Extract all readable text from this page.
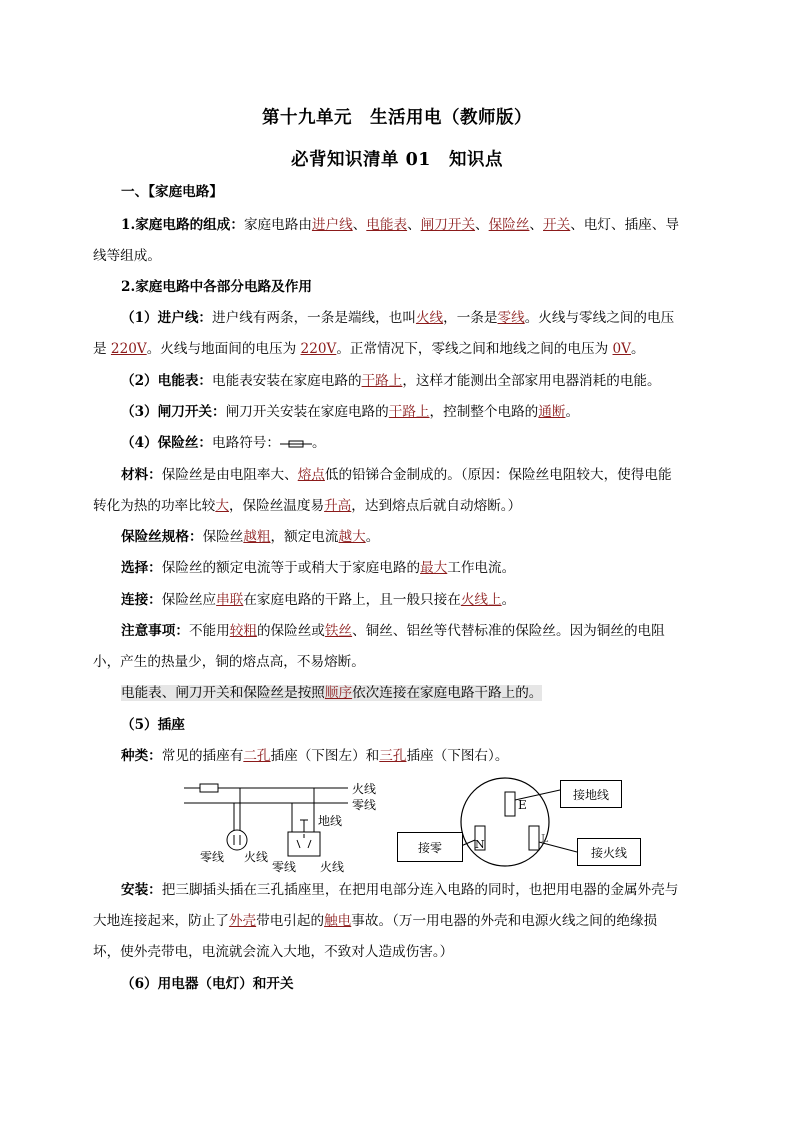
第十九单元　生活用电（教师版）
必背知识清单 01　知识点
一、【家庭电路】
1.家庭电路的组成：家庭电路由进户线、电能表、闸刀开关、保险丝、开关、电灯、插座、导
线等组成。
2.家庭电路中各部分电路及作用
（1）进户线：进户线有两条，一条是端线，也叫火线，一条是零线。火线与零线之间的电压
是 220V。火线与地面间的电压为 220V。正常情况下，零线之间和地线之间的电压为 0V。
（2）电能表：电能表安装在家庭电路的干路上，这样才能测出全部家用电器消耗的电能。
（3）闸刀开关：闸刀开关安装在家庭电路的干路上，控制整个电路的通断。
（4）保险丝：电路符号： 。
材料：保险丝是由电阻率大、熔点低的铅锑合金制成的。（原因：保险丝电阻较大，使得电能
转化为热的功率比较大，保险丝温度易升高，达到熔点后就自动熔断。）
保险丝规格：保险丝越粗，额定电流越大。
选择：保险丝的额定电流等于或稍大于家庭电路的最大工作电流。
连接：保险丝应串联在家庭电路的干路上，且一般只接在火线上。
注意事项：不能用较粗的保险丝或铁丝、铜丝、铝丝等代替标准的保险丝。因为铜丝的电阻
小，产生的热量少，铜的熔点高，不易熔断。
电能表、闸刀开关和保险丝是按照顺序依次连接在家庭电路干路上的。
（5）插座
种类：常见的插座有二孔插座（下图左）和三孔插座（下图右）。
火线
零线
地线
零线 火线
零线 火线
E
N	L
接地线
接零	接火线
安装：把三脚插头插在三孔插座里，在把用电部分连入电路的同时，也把用电器的金属外壳与
大地连接起来，防止了外壳带电引起的触电事故。（万一用电器的外壳和电源火线之间的绝缘损
坏，使外壳带电，电流就会流入大地，不致对人造成伤害。）
（6）用电器（电灯）和开关
